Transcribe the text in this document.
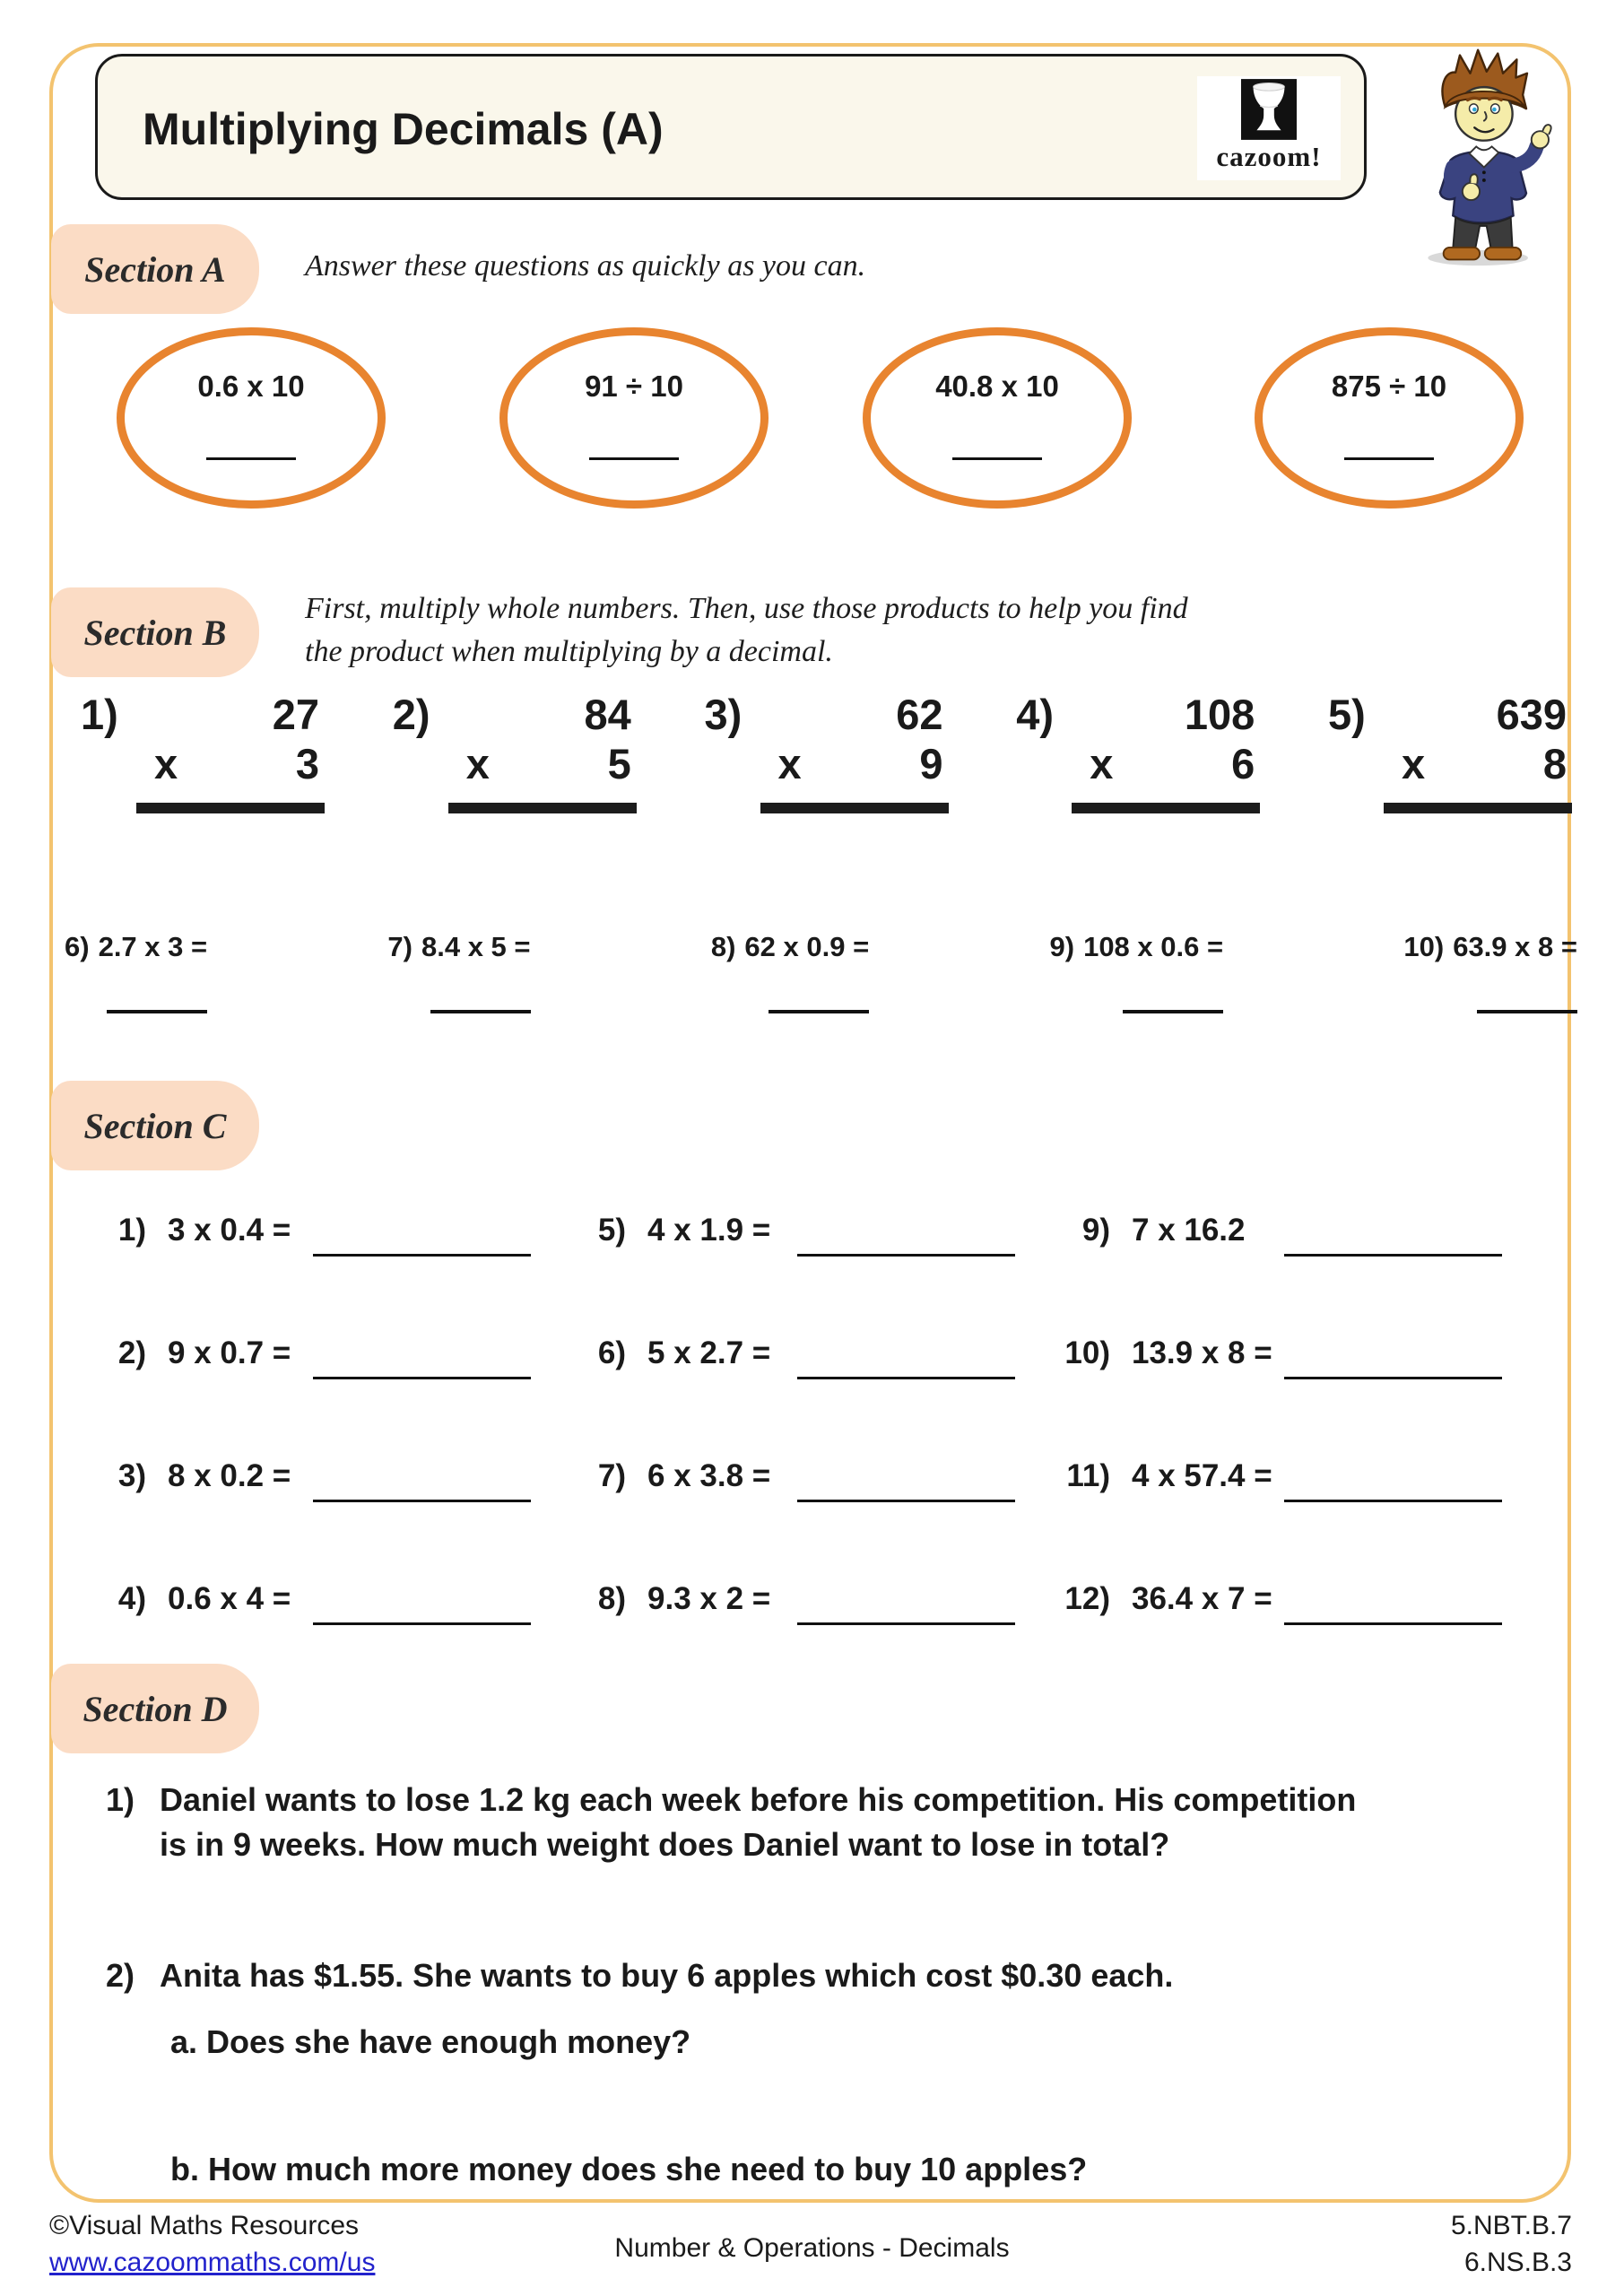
Multiplying Decimals (A)
cazoom!
Section A	Answer these questions as quickly as you can.
0.6 x 10	91 ÷ 10	40.8 x 10	875 ÷ 10
Section B
First, multiply whole numbers. Then, use those products to help you find
the product when multiplying by a decimal.
1)	27
x	3
2)	84
x	5
3)	62
x	9
4)	108
x	6
5)	639
x	8
6) 2.7 x 3 =	7) 8.4 x 5 =	8) 62 x 0.9 =	9) 108 x 0.6 =	10) 63.9 x 8 =
Section C
1) 3 x 0.4 =
2) 9 x 0.7 =
3) 8 x 0.2 =
4) 0.6 x 4 =
5) 4 x 1.9 =
6) 5 x 2.7 =
7) 6 x 3.8 =
8) 9.3 x 2 =
9) 7 x 16.2
10) 13.9 x 8 =
11) 4 x 57.4 =
12) 36.4 x 7 =
Section D
1) Daniel wants to lose 1.2 kg each week before his competition. His competition
is in 9 weeks. How much weight does Daniel want to lose in total?
2) Anita has $1.55. She wants to buy 6 apples which cost $0.30 each.
a. Does she have enough money?
b. How much more money does she need to buy 10 apples?
©Visual Maths Resources
www.cazoommaths.com/us	Number & Operations - Decimals
5.NBT.B.7
6.NS.B.3
